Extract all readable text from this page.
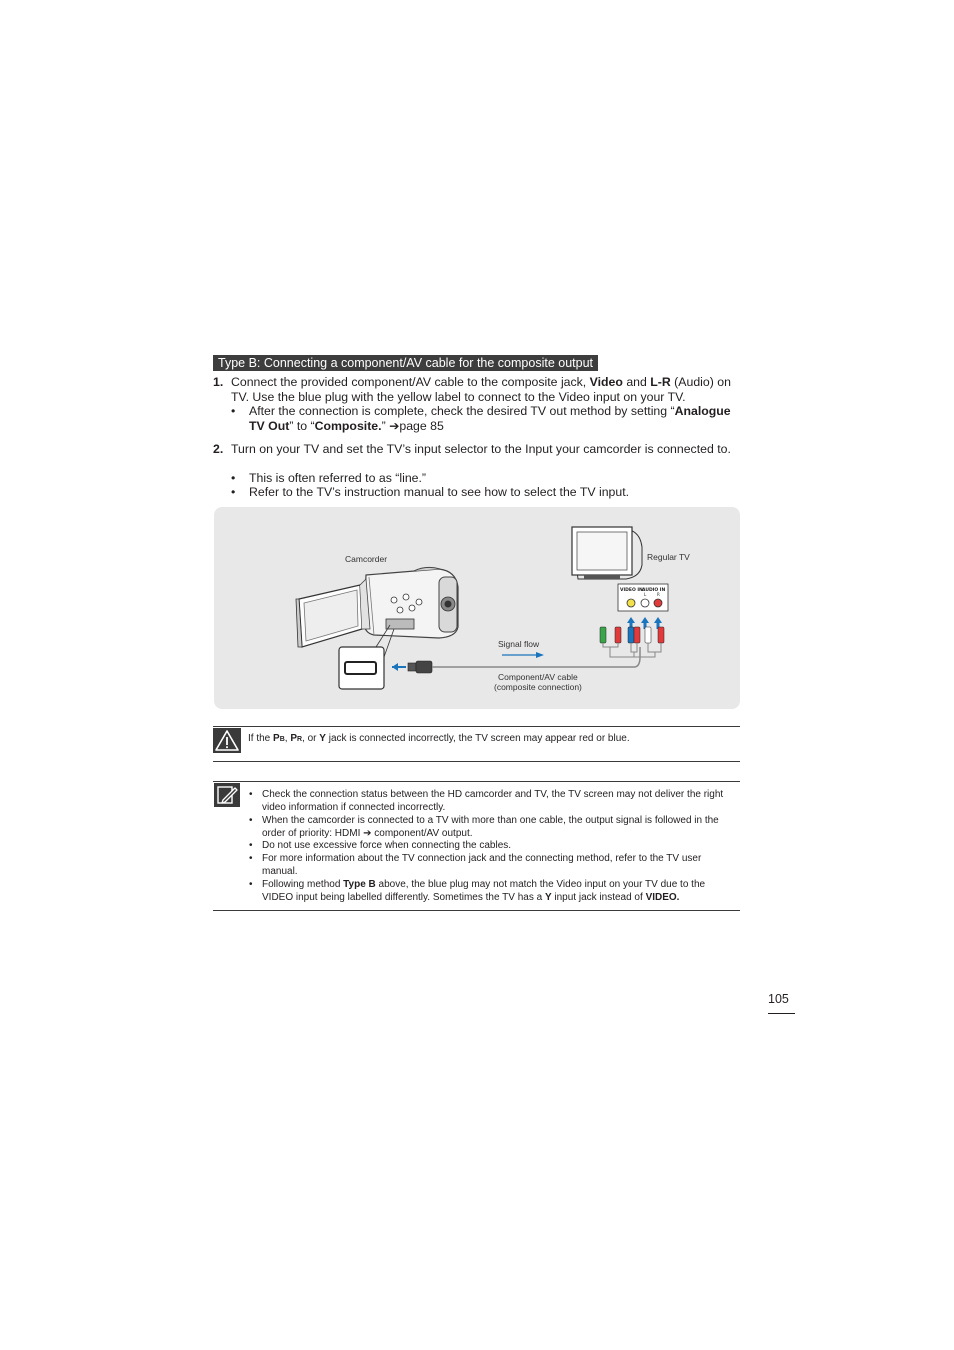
Type B: Connecting a component/AV cable for the composite output
1. Connect the provided component/AV cable to the composite jack, Video and L-R (Audio) on TV. Use the blue plug with the yellow label to connect to the Video input on your TV.
• After the connection is complete, check the desired TV out method by setting “Analogue TV Out” to “Composite.” ➔page 85
2. Turn on your TV and set the TV’s input selector to the Input your camcorder is connected to.
• This is often referred to as “line.”
• Refer to the TV’s instruction manual to see how to select the TV input.
VIDEO IN AUDIO IN
L	R
Camcorder	Regular TV
Signal flow
Component/AV cable
(composite connection)
If the PB, PR, or Y jack is connected incorrectly, the TV screen may appear red or blue.
• Check the connection status between the HD camcorder and TV, the TV screen may not deliver the right video information if connected incorrectly.
• When the camcorder is connected to a TV with more than one cable, the output signal is followed in the order of priority: HDMI ➔ component/AV output.
• Do not use excessive force when connecting the cables.
• For more information about the TV connection jack and the connecting method, refer to the TV user manual.
• Following method Type B above, the blue plug may not match the Video input on your TV due to the VIDEO input being labelled differently. Sometimes the TV has a Y input jack instead of VIDEO.
105
